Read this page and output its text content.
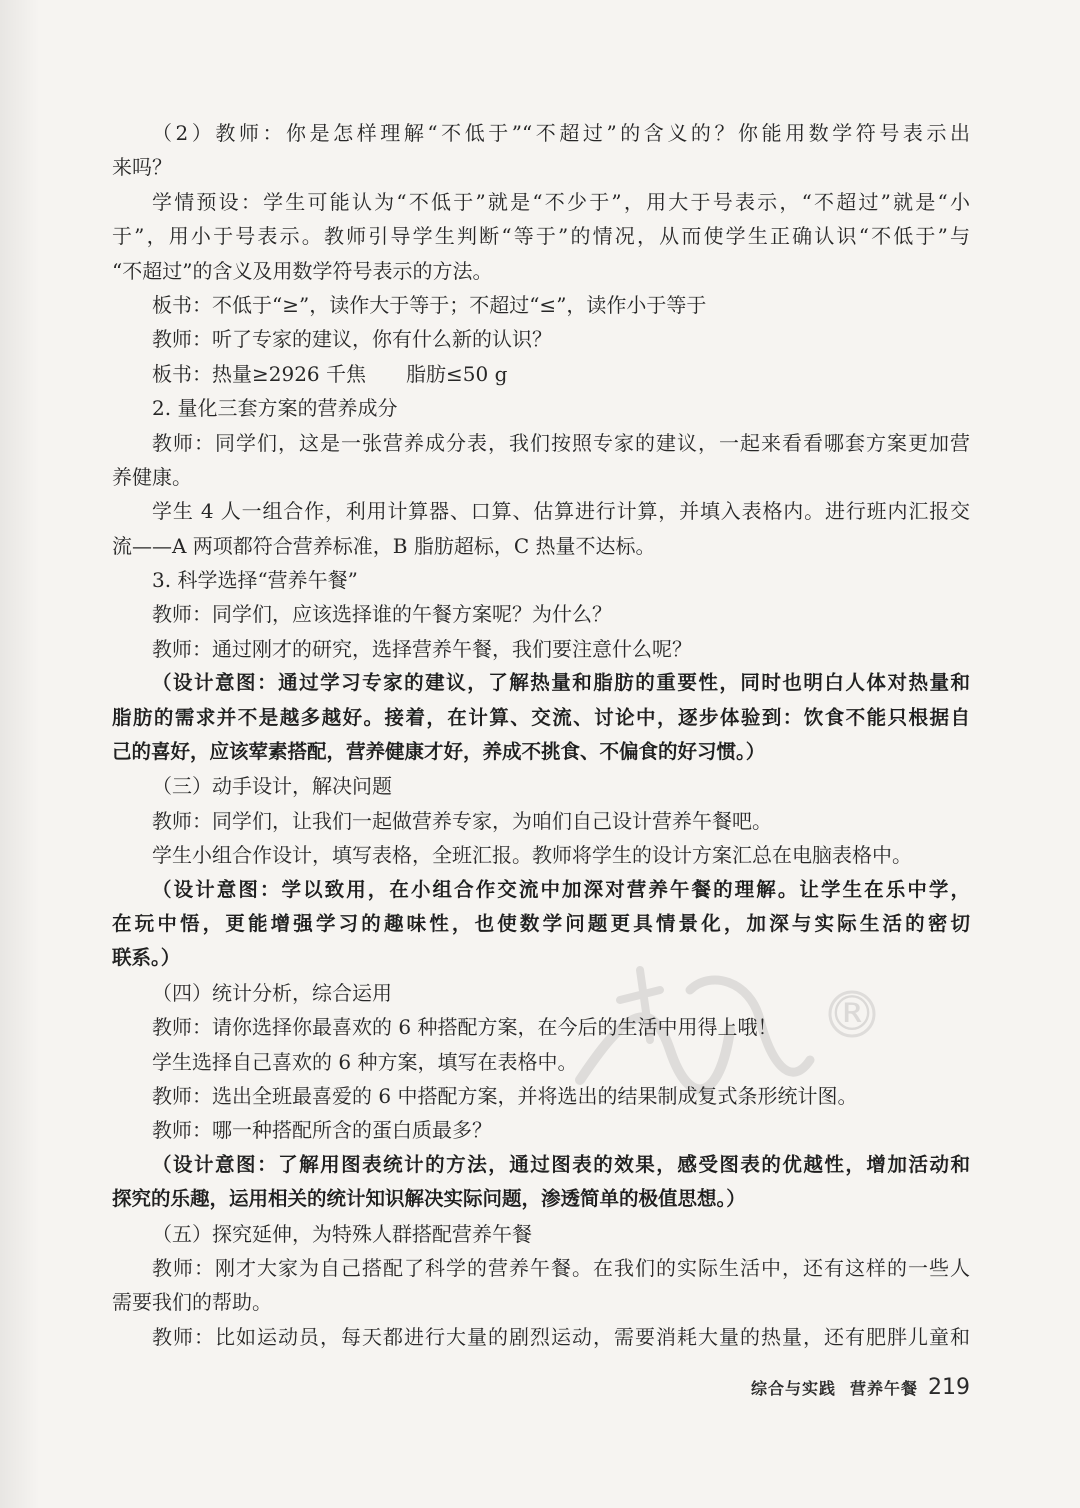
®
（2）教师：你是怎样理解“不低于”“不超过”的含义的？你能用数学符号表示出
来吗？
学情预设：学生可能认为“不低于”就是“不少于”，用大于号表示，“不超过”就是“小
于”，用小于号表示。教师引导学生判断“等于”的情况，从而使学生正确认识“不低于”与
“不超过”的含义及用数学符号表示的方法。
板书：不低于“≥”，读作大于等于；不超过“≤”，读作小于等于
教师：听了专家的建议，你有什么新的认识？
板书：热量≥2926 千焦　　脂肪≤50 g
2. 量化三套方案的营养成分
教师：同学们，这是一张营养成分表，我们按照专家的建议，一起来看看哪套方案更加营
养健康。
学生 4 人一组合作，利用计算器、口算、估算进行计算，并填入表格内。进行班内汇报交
流——A 两项都符合营养标准，B 脂肪超标，C 热量不达标。
3. 科学选择“营养午餐”
教师：同学们，应该选择谁的午餐方案呢？为什么？
教师：通过刚才的研究，选择营养午餐，我们要注意什么呢？
（设计意图：通过学习专家的建议，了解热量和脂肪的重要性，同时也明白人体对热量和
脂肪的需求并不是越多越好。接着，在计算、交流、讨论中，逐步体验到：饮食不能只根据自
己的喜好，应该荤素搭配，营养健康才好，养成不挑食、不偏食的好习惯。）
（三）动手设计，解决问题
教师：同学们，让我们一起做营养专家，为咱们自己设计营养午餐吧。
学生小组合作设计，填写表格，全班汇报。教师将学生的设计方案汇总在电脑表格中。
（设计意图：学以致用，在小组合作交流中加深对营养午餐的理解。让学生在乐中学，
在玩中悟，更能增强学习的趣味性，也使数学问题更具情景化，加深与实际生活的密切
联系。）
（四）统计分析，综合运用
教师：请你选择你最喜欢的 6 种搭配方案，在今后的生活中用得上哦！
学生选择自己喜欢的 6 种方案，填写在表格中。
教师：选出全班最喜爱的 6 中搭配方案，并将选出的结果制成复式条形统计图。
教师：哪一种搭配所含的蛋白质最多？
（设计意图：了解用图表统计的方法，通过图表的效果，感受图表的优越性，增加活动和
探究的乐趣，运用相关的统计知识解决实际问题，渗透简单的极值思想。）
（五）探究延伸，为特殊人群搭配营养午餐
教师：刚才大家为自己搭配了科学的营养午餐。在我们的实际生活中，还有这样的一些人
需要我们的帮助。
教师：比如运动员，每天都进行大量的剧烈运动，需要消耗大量的热量，还有肥胖儿童和
综合与实践 营养午餐 219
